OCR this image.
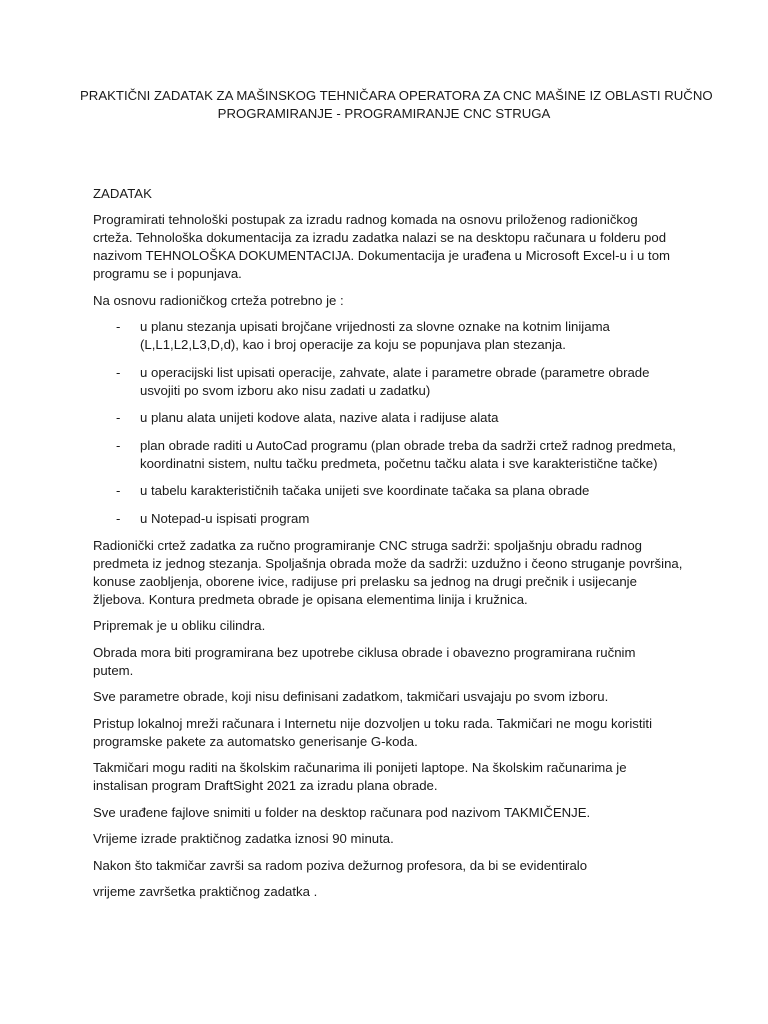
PRAKTIČNI ZADATAK ZA MAŠINSKOG TEHNIČARA OPERATORA ZA CNC MAŠINE IZ OBLASTI RUČNO
PROGRAMIRANJE - PROGRAMIRANJE CNC STRUGA

ZADATAK

Programirati tehnološki postupak za izradu radnog komada na osnovu priloženog radioničkog
crteža. Tehnološka dokumentacija za izradu zadatka nalazi se na desktopu računara u folderu pod
nazivom TEHNOLOŠKA DOKUMENTACIJA. Dokumentacija je urađena u Microsoft Excel-u i u tom
programu se i popunjava.

Na osnovu radioničkog crteža potrebno je :

- u planu stezanja upisati brojčane vrijednosti za slovne oznake na kotnim linijama
(L,L1,L2,L3,D,d), kao i broj operacije za koju se popunjava plan stezanja.
- u operacijski list upisati operacije, zahvate, alate i parametre obrade (parametre obrade
usvojiti po svom izboru ako nisu zadati u zadatku)
- u planu alata unijeti kodove alata, nazive alata i radijuse alata
- plan obrade raditi u AutoCad programu (plan obrade treba da sadrži crtež radnog predmeta,
koordinatni sistem, nultu tačku predmeta, početnu tačku alata i sve karakteristične tačke)
- u tabelu karakterističnih tačaka unijeti sve koordinate tačaka sa plana obrade
- u Notepad-u ispisati program

Radionički crtež zadatka za ručno programiranje CNC struga sadrži: spoljašnju obradu radnog
predmeta iz jednog stezanja. Spoljašnja obrada može da sadrži: uzdužno i čeono struganje površina,
konuse zaobljenja, oborene ivice, radijuse pri prelasku sa jednog na drugi prečnik i usijecanje
žljebova. Kontura predmeta obrade je opisana elementima linija i kružnica.

Pripremak je u obliku cilindra.

Obrada mora biti programirana bez upotrebe ciklusa obrade i obavezno programirana ručnim
putem.

Sve parametre obrade, koji nisu definisani zadatkom, takmičari usvajaju po svom izboru.

Pristup lokalnoj mreži računara i Internetu nije dozvoljen u toku rada. Takmičari ne mogu koristiti
programske pakete za automatsko generisanje G-koda.

Takmičari mogu raditi na školskim računarima ili ponijeti laptope. Na školskim računarima je
instalisan program DraftSight 2021 za izradu plana obrade.

Sve urađene fajlove snimiti u folder na desktop računara pod nazivom TAKMIČENJE.

Vrijeme izrade praktičnog zadatka iznosi 90 minuta.

Nakon što takmičar završi sa radom poziva dežurnog profesora, da bi se evidentiralo

vrijeme završetka praktičnog zadatka .
